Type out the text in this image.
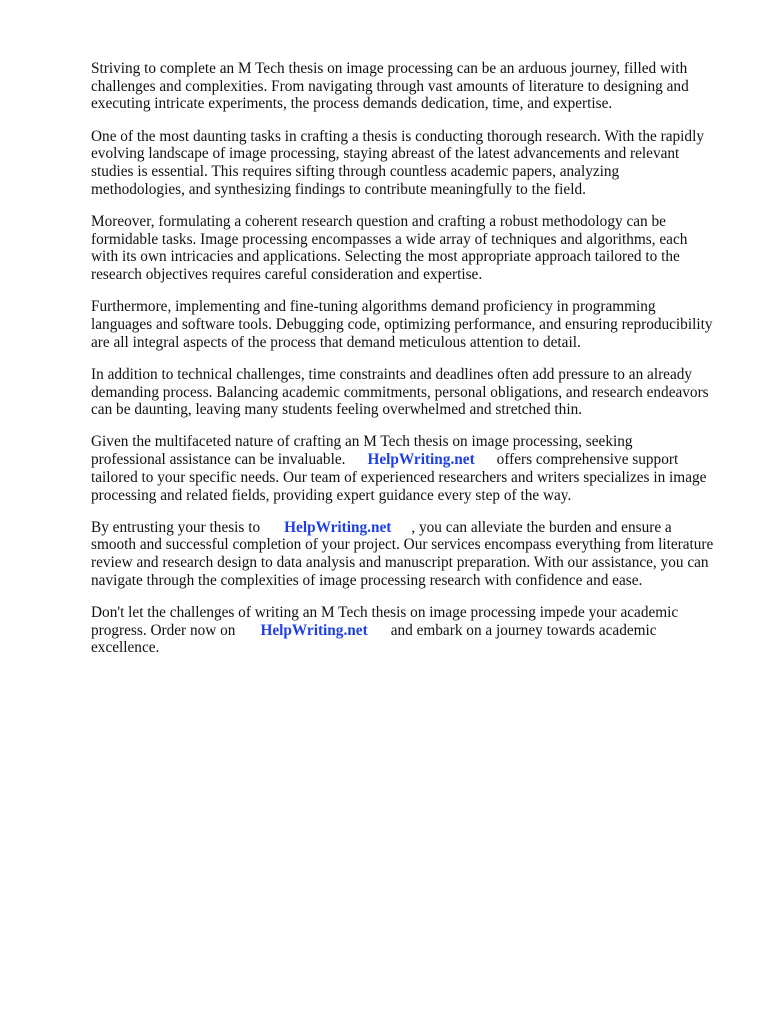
Striving to complete an M Tech thesis on image processing can be an arduous journey, filled with
challenges and complexities. From navigating through vast amounts of literature to designing and
executing intricate experiments, the process demands dedication, time, and expertise.

One of the most daunting tasks in crafting a thesis is conducting thorough research. With the rapidly
evolving landscape of image processing, staying abreast of the latest advancements and relevant
studies is essential. This requires sifting through countless academic papers, analyzing
methodologies, and synthesizing findings to contribute meaningfully to the field.

Moreover, formulating a coherent research question and crafting a robust methodology can be
formidable tasks. Image processing encompasses a wide array of techniques and algorithms, each
with its own intricacies and applications. Selecting the most appropriate approach tailored to the
research objectives requires careful consideration and expertise.

Furthermore, implementing and fine-tuning algorithms demand proficiency in programming
languages and software tools. Debugging code, optimizing performance, and ensuring reproducibility
are all integral aspects of the process that demand meticulous attention to detail.

In addition to technical challenges, time constraints and deadlines often add pressure to an already
demanding process. Balancing academic commitments, personal obligations, and research endeavors
can be daunting, leaving many students feeling overwhelmed and stretched thin.

Given the multifaceted nature of crafting an M Tech thesis on image processing, seeking
professional assistance can be invaluable. HelpWriting.net offers comprehensive support
tailored to your specific needs. Our team of experienced researchers and writers specializes in image
processing and related fields, providing expert guidance every step of the way.

By entrusting your thesis to HelpWriting.net , you can alleviate the burden and ensure a
smooth and successful completion of your project. Our services encompass everything from literature
review and research design to data analysis and manuscript preparation. With our assistance, you can
navigate through the complexities of image processing research with confidence and ease.

Don't let the challenges of writing an M Tech thesis on image processing impede your academic
progress. Order now on HelpWriting.net and embark on a journey towards academic
excellence.
